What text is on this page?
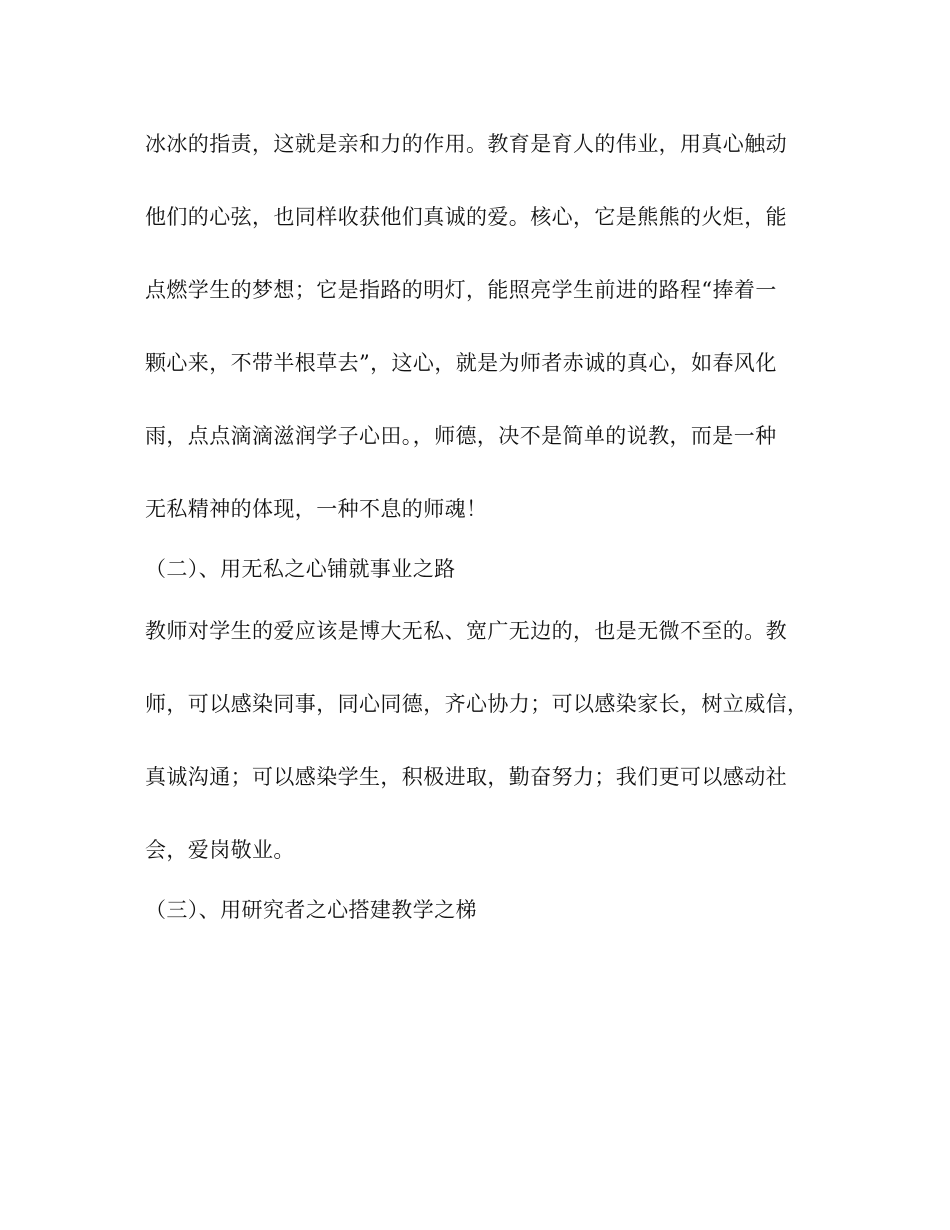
冰冰的指责，这就是亲和力的作用。教育是育人的伟业，用真心触动
他们的心弦，也同样收获他们真诚的爱。核心，它是熊熊的火炬，能
点燃学生的梦想；它是指路的明灯，能照亮学生前进的路程“捧着一
颗心来，不带半根草去”，这心，就是为师者赤诚的真心，如春风化
雨，点点滴滴滋润学子心田。，师德，决不是简单的说教，而是一种
无私精神的体现，一种不息的师魂！
（二）、用无私之心铺就事业之路
教师对学生的爱应该是博大无私、宽广无边的，也是无微不至的。教
师，可以感染同事，同心同德，齐心协力；可以感染家长，树立威信，
真诚沟通；可以感染学生，积极进取，勤奋努力；我们更可以感动社
会，爱岗敬业。
（三）、用研究者之心搭建教学之梯
